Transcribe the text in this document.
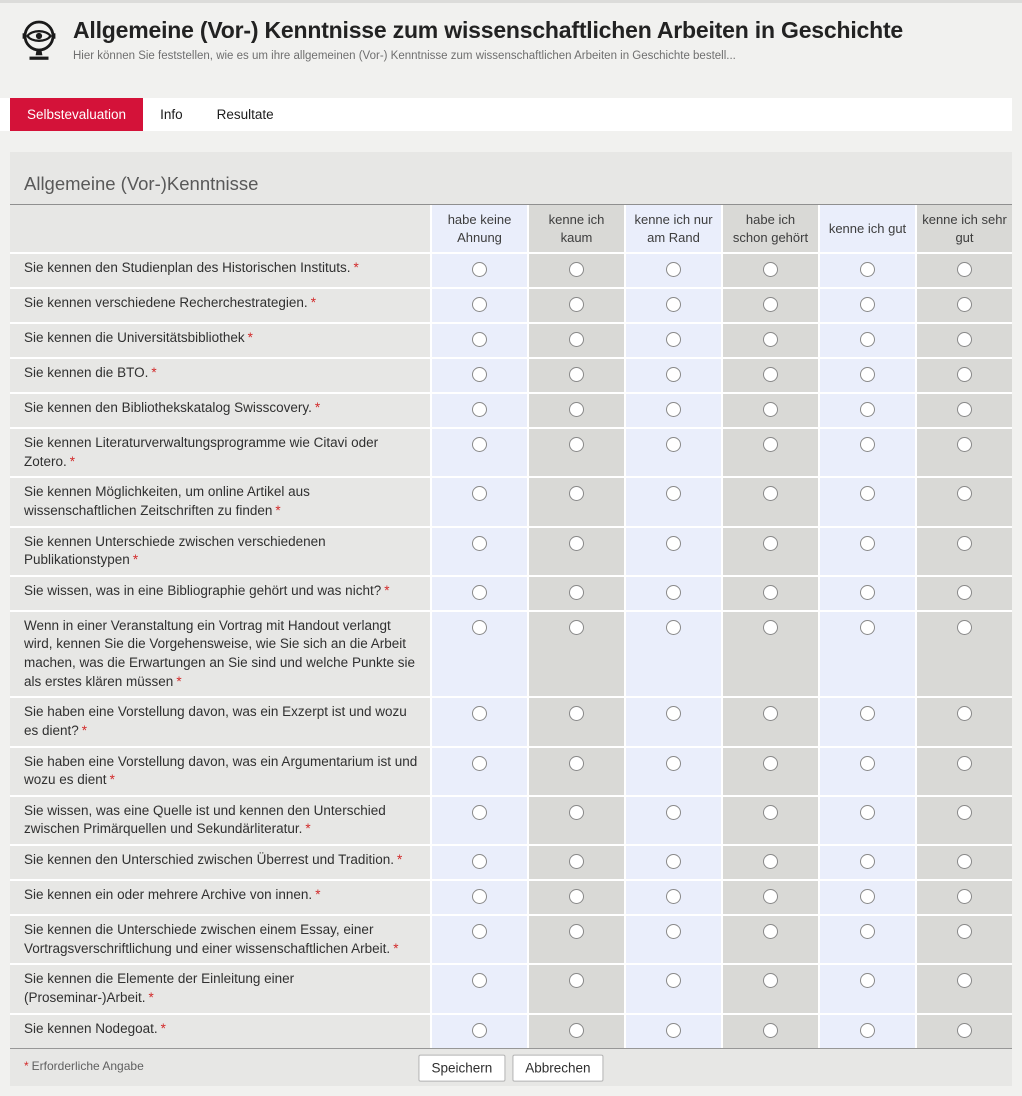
Allgemeine (Vor-) Kenntnisse zum wissenschaftlichen Arbeiten in Geschichte
Hier können Sie feststellen, wie es um ihre allgemeinen (Vor-) Kenntnisse zum wissenschaftlichen Arbeiten in Geschichte bestell...
Selbstevaluation	Info	Resultate
Allgemeine (Vor-)Kenntnisse
	habe keine Ahnung	kenne ich kaum	kenne ich nur am Rand	habe ich schon gehört	kenne ich gut	kenne ich sehr gut
Sie kennen den Studienplan des Historischen Instituts. *						
Sie kennen verschiedene Recherchestrategien. *						
Sie kennen die Universitätsbibliothek *						
Sie kennen die BTO. *						
Sie kennen den Bibliothekskatalog Swisscovery. *						
Sie kennen Literaturverwaltungsprogramme wie Citavi oder Zotero. *						
Sie kennen Möglichkeiten, um online Artikel aus wissenschaftlichen Zeitschriften zu finden *						
Sie kennen Unterschiede zwischen verschiedenen Publikationstypen *						
Sie wissen, was in eine Bibliographie gehört und was nicht? *						
Wenn in einer Veranstaltung ein Vortrag mit Handout verlangt wird, kennen Sie die Vorgehensweise, wie Sie sich an die Arbeit machen, was die Erwartungen an Sie sind und welche Punkte sie als erstes klären müssen *						
Sie haben eine Vorstellung davon, was ein Exzerpt ist und wozu es dient? *						
Sie haben eine Vorstellung davon, was ein Argumentarium ist und wozu es dient *						
Sie wissen, was eine Quelle ist und kennen den Unterschied zwischen Primärquellen und Sekundärliteratur. *						
Sie kennen den Unterschied zwischen Überrest und Tradition. *						
Sie kennen ein oder mehrere Archive von innen. *						
Sie kennen die Unterschiede zwischen einem Essay, einer Vortragsverschriftlichung und einer wissenschaftlichen Arbeit. *						
Sie kennen die Elemente der Einleitung einer (Proseminar-)Arbeit. *						
Sie kennen Nodegoat. *						
* Erforderliche Angabe	Speichern	Abbrechen
